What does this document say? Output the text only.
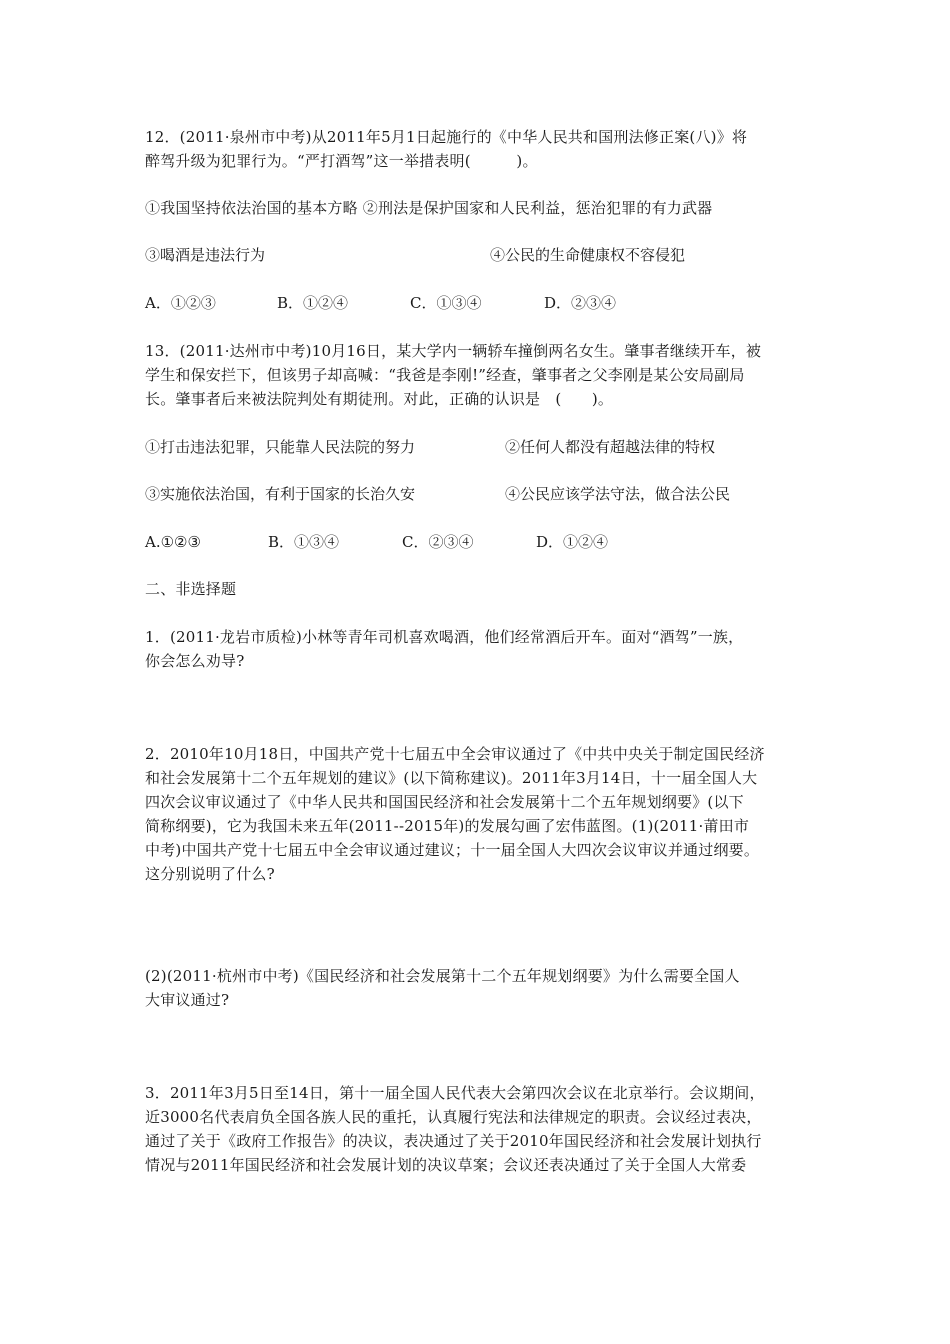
12．(2011·泉州市中考)从2011年5月1日起施行的《中华人民共和国刑法修正案(八)》将
醉驾升级为犯罪行为。“严打酒驾”这一举措表明(　　　)。
①我国坚持依法治国的基本方略 ②刑法是保护国家和人民利益，惩治犯罪的有力武器
③喝酒是违法行为	④公民的生命健康权不容侵犯
A．①②③	B．①②④	C．①③④	D．②③④
13．(2011·达州市中考)10月16日，某大学内一辆轿车撞倒两名女生。肇事者继续开车，被
学生和保安拦下，但该男子却高喊：“我爸是李刚!”经查，肇事者之父李刚是某公安局副局
长。肇事者后来被法院判处有期徒刑。对此，正确的认识是　(　　)。
①打击违法犯罪，只能靠人民法院的努力	②任何人都没有超越法律的特权
③实施依法治国，有利于国家的长治久安	④公民应该学法守法，做合法公民
A.①②③	B．①③④	C．②③④	D．①②④
二、非选择题
1．(2011·龙岩市质检)小林等青年司机喜欢喝酒，他们经常酒后开车。面对“酒驾”一族，
你会怎么劝导?
2．2010年10月18日，中国共产党十七届五中全会审议通过了《中共中央关于制定国民经济
和社会发展第十二个五年规划的建议》(以下简称建议)。2011年3月14日，十一届全国人大
四次会议审议通过了《中华人民共和国国民经济和社会发展第十二个五年规划纲要》(以下
简称纲要)，它为我国未来五年(2011--2015年)的发展勾画了宏伟蓝图。(1)(2011·莆田市
中考)中国共产党十七届五中全会审议通过建议；十一届全国人大四次会议审议并通过纲要。
这分别说明了什么?
(2)(2011·杭州市中考)《国民经济和社会发展第十二个五年规划纲要》为什么需要全国人
大审议通过?
3．2011年3月5日至14日，第十一届全国人民代表大会第四次会议在北京举行。会议期间，
近3000名代表肩负全国各族人民的重托，认真履行宪法和法律规定的职责。会议经过表决，
通过了关于《政府工作报告》的决议，表决通过了关于2010年国民经济和社会发展计划执行
情况与2011年国民经济和社会发展计划的决议草案；会议还表决通过了关于全国人大常委
